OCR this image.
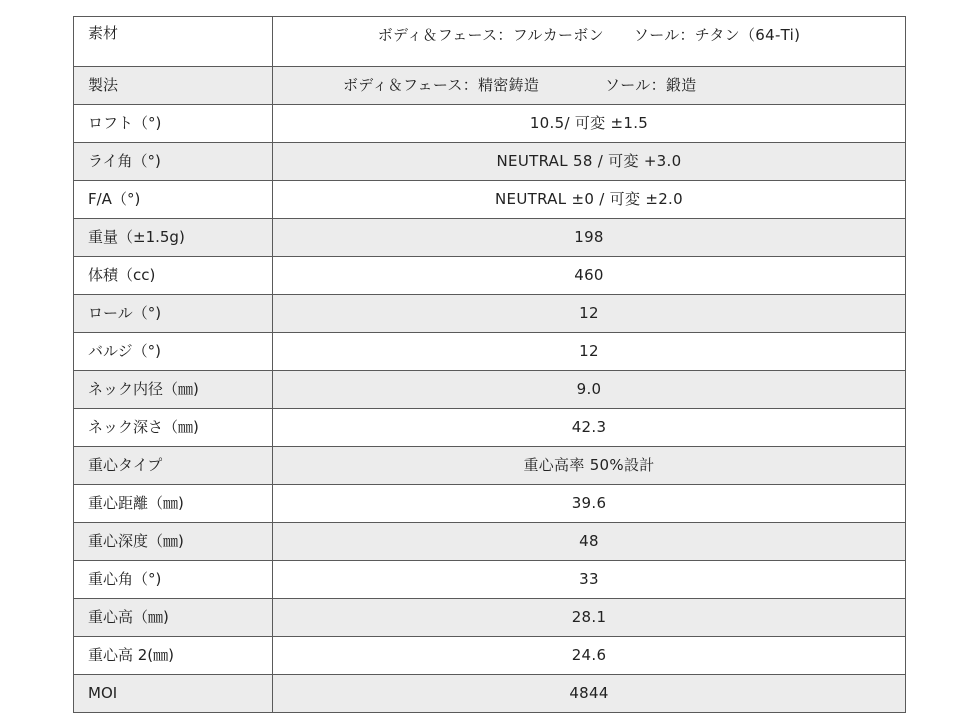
素材	ボディ＆フェース：フルカーボン ソール：チタン（64-Ti)
製法	ボディ＆フェース：精密鋳造 ソール：鍛造
ロフト（°)	10.5/ 可変 ±1.5
ライ角（°)	NEUTRAL 58 / 可変 +3.0
F/A（°)	NEUTRAL ±0 / 可変 ±2.0
重量（±1.5g)	198
体積（cc)	460
ロール（°)	12
バルジ（°)	12
ネック内径（㎜)	9.0
ネック深さ（㎜)	42.3
重心タイプ	重心高率 50%設計
重心距離（㎜)	39.6
重心深度（㎜)	48
重心角（°)	33
重心高（㎜)	28.1
重心高 2(㎜)	24.6
MOI	4844
